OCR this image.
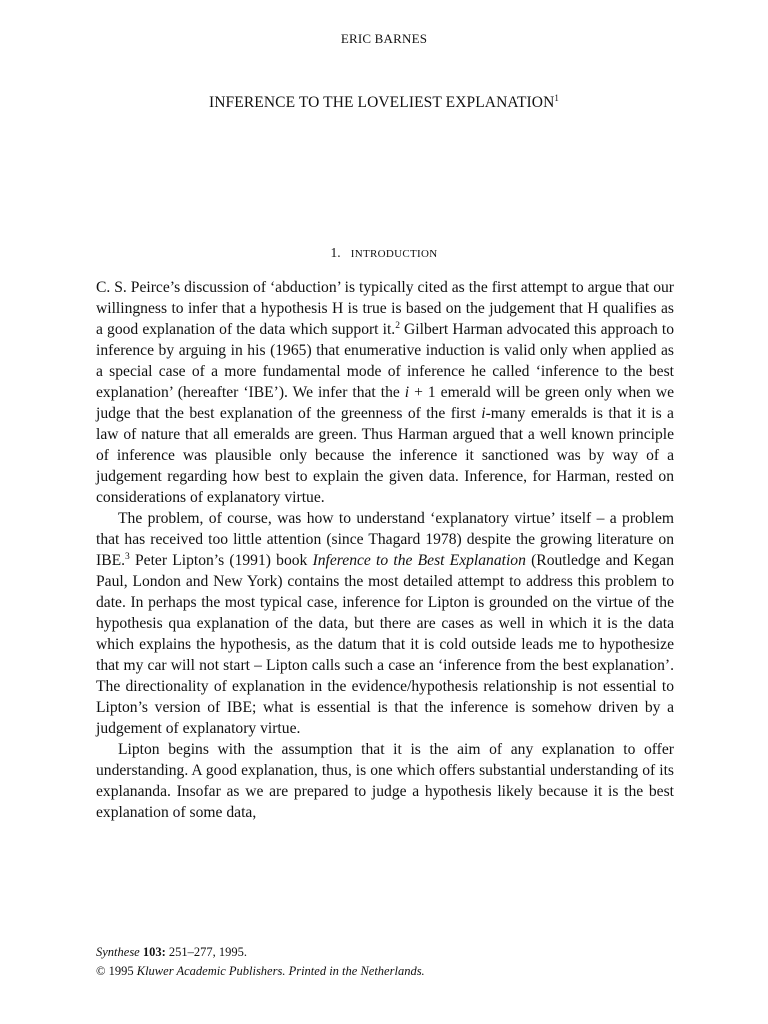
ERIC BARNES
INFERENCE TO THE LOVELIEST EXPLANATION$^1$
1. INTRODUCTION

C. S. Peirce’s discussion of ‘abduction’ is typically cited as the first attempt to argue that our willingness to infer that a hypothesis H is true is based on the judgement that H qualifies as a good explanation of the data which support it.$^2$ Gilbert Harman advocated this approach to inference by arguing in his (1965) that enumerative induction is valid only when applied as a special case of a more fundamental mode of inference he called ‘inference to the best explanation’ (hereafter ‘IBE’). We infer that the i + 1 emerald will be green only when we judge that the best explanation of the greenness of the first i-many emeralds is that it is a law of nature that all emeralds are green. Thus Harman argued that a well known principle of inference was plausible only because the inference it sanctioned was by way of a judgement regarding how best to explain the given data. Inference, for Harman, rested on considerations of explanatory virtue.

The problem, of course, was how to understand ‘explanatory virtue’ itself – a problem that has received too little attention (since Thagard 1978) despite the growing literature on IBE.$^3$ Peter Lipton’s (1991) book Inference to the Best Explanation (Routledge and Kegan Paul, London and New York) contains the most detailed attempt to address this problem to date. In perhaps the most typical case, inference for Lipton is grounded on the virtue of the hypothesis qua explanation of the data, but there are cases as well in which it is the data which explains the hypothesis, as the datum that it is cold outside leads me to hypothesize that my car will not start – Lipton calls such a case an ‘inference from the best explanation’. The directionality of explanation in the evidence/hypothesis relationship is not essential to Lipton’s version of IBE; what is essential is that the inference is somehow driven by a judgement of explanatory virtue.

Lipton begins with the assumption that it is the aim of any explanation to offer understanding. A good explanation, thus, is one which offers substantial understanding of its explananda. Insofar as we are prepared to judge a hypothesis likely because it is the best explanation of some data,

Synthese 103: 251–277, 1995.
© 1995 Kluwer Academic Publishers. Printed in the Netherlands.
